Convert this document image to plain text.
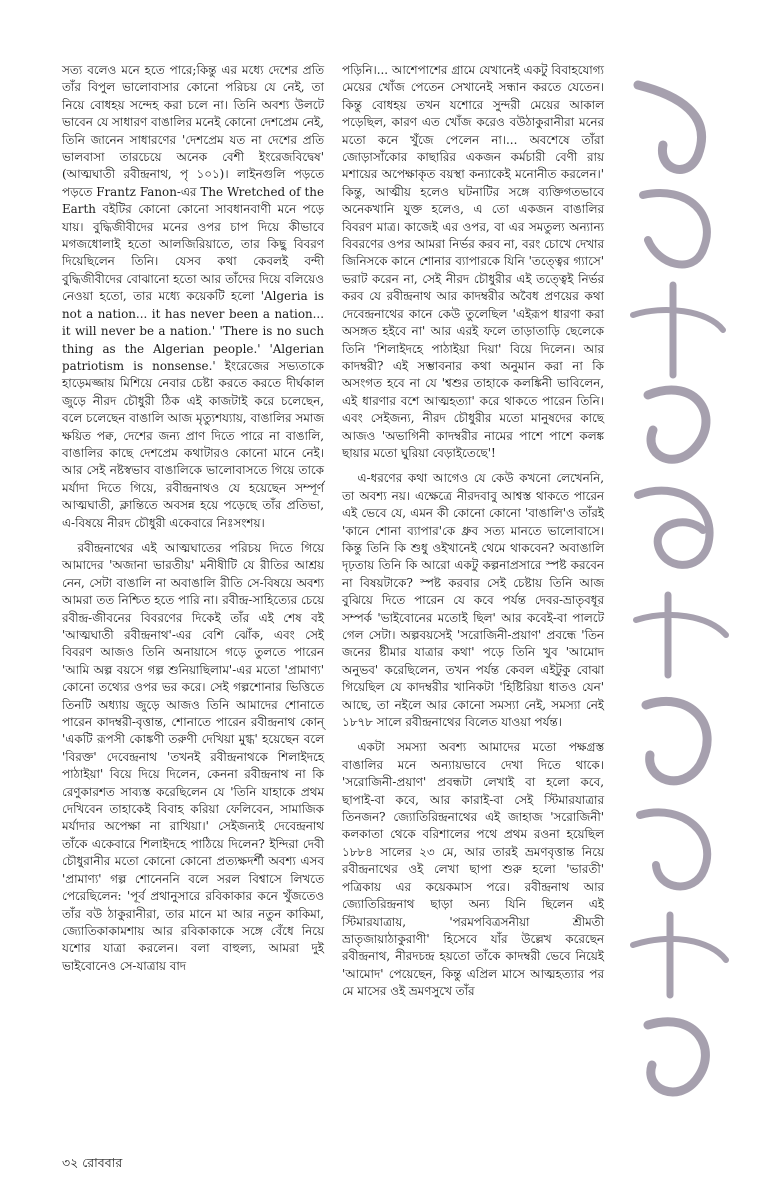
সত্য বলেও মনে হতে পারে;কিন্তু এর মধ্যে দেশের প্রতি তাঁর বিপুল ভালোবাসার কোনো পরিচয় যে নেই, তা নিয়ে বোধহয় সন্দেহ করা চলে না। তিনি অবশ্য উলটে ভাবেন যে সাধারণ বাঙালির মনেই কোনো দেশপ্রেম নেই, তিনি জানেন সাধারণের 'দেশপ্রেম যত না দেশের প্রতি ভালবাসা তারচেয়ে অনেক বেশী ইংরেজবিদ্বেষ' (আত্মঘাতী রবীন্দ্রনাথ, পৃ ১০১)। লাইনগুলি পড়তে পড়তে Frantz Fanon-এর The Wretched of the Earth বইটির কোনো কোনো সাবধানবাণী মনে পড়ে যায়। বুদ্ধিজীবীদের মনের ওপর চাপ দিয়ে কীভাবে মগজধোলাই হতো আলজিরিয়াতে, তার কিছু বিবরণ দিয়েছিলেন তিনি। যেসব কথা কেবলই বন্দী বুদ্ধিজীবীদের বোঝানো হতো আর তাঁদের দিয়ে বলিয়েও নেওয়া হতো, তার মধ্যে কয়েকটি হলো 'Algeria is not a nation... it has never been a nation... it will never be a nation.' 'There is no such thing as the Algerian people.' 'Algerian patriotism is nonsense.' ইংরেজের সভ্যতাকে হাড়েমজ্জায় মিশিয়ে নেবার চেষ্টা করতে করতে দীর্ঘকাল জুড়ে নীরদ চৌধুরী ঠিক এই কাজটাই করে চলেছেন, বলে চলেছেন বাঙালি আজ মৃত্যুশয্যায়, বাঙালির সমাজ ক্ষয়িত পক্ব, দেশের জন্য প্রাণ দিতে পারে না বাঙালি, বাঙালির কাছে দেশপ্রেম কথাটারও কোনো মানে নেই। আর সেই নষ্টস্বভাব বাঙালিকে ভালোবাসতে গিয়ে তাকে মর্যাদা দিতে গিয়ে, রবীন্দ্রনাথও যে হয়েছেন সম্পূর্ণ আত্মঘাতী, ক্লান্তিতে অবসন্ন হয়ে পড়েছে তাঁর প্রতিভা, এ-বিষয়ে নীরদ চৌধুরী একেবারে নিঃসংশয়।

রবীন্দ্রনাথের এই আত্মঘাতের পরিচয় দিতে গিয়ে আমাদের 'অজানা ভারতীয়' মনীষীটি যে রীতির আশ্রয় নেন, সেটা বাঙালি না অবাঙালি রীতি সে-বিষয়ে অবশ্য আমরা তত নিশ্চিত হতে পারি না। রবীন্দ্র-সাহিত্যের চেয়ে রবীন্দ্র-জীবনের বিবরণের দিকেই তাঁর এই শেষ বই 'আত্মঘাতী রবীন্দ্রনাথ'-এর বেশি ঝোঁক, এবং সেই বিবরণ আজও তিনি অনায়াসে গড়ে তুলতে পারেন 'আমি অল্প বয়সে গল্প শুনিয়াছিলাম'-এর মতো 'প্রামাণ্য' কোনো তথ্যের ওপর ভর করে। সেই গল্পশোনার ভিত্তিতে তিনটি অধ্যায় জুড়ে আজও তিনি আমাদের শোনাতে পারেন কাদম্বরী-বৃত্তান্ত, শোনাতে পারেন রবীন্দ্রনাথ কোন্ 'একটি রূপসী কোঙ্কণী তরুণী দেখিয়া মুগ্ধ' হয়েছেন বলে 'বিরক্ত' দেবেন্দ্রনাথ 'তখনই রবীন্দ্রনাথকে শিলাইদহে পাঠাইয়া' বিয়ে দিয়ে দিলেন, কেননা রবীন্দ্রনাথ না কি রেণুকারশত সাব্যস্ত করেছিলেন যে 'তিনি যাহাকে প্রথম দেখিবেন তাহাকেই বিবাহ করিয়া ফেলিবেন, সামাজিক মর্যাদার অপেক্ষা না রাখিয়া।' সেইজন্যই দেবেন্দ্রনাথ তাঁকে একেবারে শিলাইদহে পাঠিয়ে দিলেন? ইন্দিরা দেবী চৌধুরানীর মতো কোনো কোনো প্রত্যক্ষদর্শী অবশ্য এসব 'প্রামাণ্য' গল্প শোনেননি বলে সরল বিশ্বাসে লিখতে পেরেছিলেন: 'পূর্ব প্রথানুসারে রবিকাকার কনে খুঁজতেও তাঁর বউ ঠাকুরানীরা, তার মানে মা আর নতুন কাকিমা, জ্যোতিকাকামশায় আর রবিকাকাকে সঙ্গে বেঁধে নিয়ে যশোর যাত্রা করলেন। বলা বাহুল্য, আমরা দুই ভাইবোনেও সে-যাত্রায় বাদ

পড়িনি।... আশেপাশের গ্রামে যেখানেই একটু বিবাহযোগ্য মেয়ের খোঁজ পেতেন সেখানেই সন্ধান করতে যেতেন। কিন্তু বোধহয় তখন যশোরে সুন্দরী মেয়ের আকাল পড়েছিল, কারণ এত খোঁজ করেও বউঠাকুরানীরা মনের মতো কনে খুঁজে পেলেন না।... অবশেষে তাঁরা জোড়াসাঁকোর কাছারির একজন কর্মচারী বেণী রায় মশায়ের অপেক্ষাকৃত বয়স্থা কন্যাকেই মনোনীত করলেন।' কিন্তু, আত্মীয় হলেও ঘটনাটির সঙ্গে ব্যক্তিগতভাবে অনেকখানি যুক্ত হলেও, এ তো একজন বাঙালির বিবরণ মাত্র। কাজেই এর ওপর, বা এর সমতুল্য অন্যান্য বিবরণের ওপর আমরা নির্ভর করব না, বরং চোখে দেখার জিনিসকে কানে শোনার ব্যাপারকে যিনি 'তত্ত্বের গ্যাসে' ভরাট করেন না, সেই নীরদ চৌধুরীর এই তত্ত্বেই নির্ভর করব যে রবীন্দ্রনাথ আর কাদম্বরীর অবৈধ প্রণয়ের কথা দেবেন্দ্রনাথের কানে কেউ তুলেছিল 'এইরূপ ধারণা করা অসঙ্গত হইবে না' আর এরই ফলে তাড়াতাড়ি ছেলেকে তিনি 'শিলাইদহে পাঠাইয়া দিয়া' বিয়ে দিলেন। আর কাদম্বরী? এই সম্ভাবনার কথা অনুমান করা না কি অসংগত হবে না যে 'শ্বশুর তাহাকে কলঙ্কিনী ভাবিলেন, এই ধারণার বশে আত্মহত্যা' করে থাকতে পারেন তিনি। এবং সেইজন্য, নীরদ চৌধুরীর মতো মানুষদের কাছে আজও 'অভাগিনী কাদম্বরীর নামের পাশে পাশে কলঙ্ক ছায়ার মতো ঘুরিয়া বেড়াইতেছে'!

এ-ধরণের কথা আগেও যে কেউ কখনো লেখেননি, তা অবশ্য নয়। এক্ষেত্রে নীরদবাবু আশ্বস্ত থাকতে পারেন এই ভেবে যে, এমন কী কোনো কোনো 'বাঙালি'ও তাঁরই 'কানে শোনা ব্যাপার'কে ধ্রুব সত্য মানতে ভালোবাসে। কিন্তু তিনি কি শুধু ওইখানেই থেমে থাকবেন? অবাঙালি দৃঢ়তায় তিনি কি আরো একটু কল্পনাপ্রসারে স্পষ্ট করবেন না বিষয়টাকে? স্পষ্ট করবার সেই চেষ্টায় তিনি আজ বুঝিয়ে দিতে পারেন যে কবে পর্যন্ত দেবর-ভ্রাতৃবধূর সম্পর্ক 'ভাইবোনের মতোই ছিল' আর কবেই-বা পালটে গেল সেটা। অল্পবয়সেই 'সরোজিনী-প্রয়াণ' প্রবন্ধে 'তিন জনের ষ্টীমার যাত্রার কথা' পড়ে তিনি খুব 'আমোদ অনুভব' করেছিলেন, তখন পর্যন্ত কেবল এইটুকু বোঝা গিয়েছিল যে কাদম্বরীর খানিকটা 'হিষ্টিরিয়া ধাতও যেন' আছে, তা নইলে আর কোনো সমস্যা নেই, সমস্যা নেই ১৮৭৮ সালে রবীন্দ্রনাথের বিলেত যাওয়া পর্যন্ত।

একটা সমস্যা অবশ্য আমাদের মতো পক্ষগ্রস্ত বাঙালির মনে অন্যায়ভাবে দেখা দিতে থাকে। 'সরোজিনী-প্রয়াণ' প্রবন্ধটা লেখাই বা হলো কবে, ছাপাই-বা কবে, আর কারাই-বা সেই স্টিমারযাত্রার তিনজন? জ্যোতিরিন্দ্রনাথের এই জাহাজ 'সরোজিনী' কলকাতা থেকে বরিশালের পথে প্রথম রওনা হয়েছিল ১৮৮৪ সালের ২৩ মে, আর তারই ভ্রমণবৃত্তান্ত নিয়ে রবীন্দ্রনাথের ওই লেখা ছাপা শুরু হলো 'ভারতী' পত্রিকায় এর কয়েকমাস পরে। রবীন্দ্রনাথ আর জ্যোতিরিন্দ্রনাথ ছাড়া অন্য যিনি ছিলেন এই স্টিমারযাত্রায়, 'পরমপবিত্রসনীয়া শ্রীমতী ভ্রাতৃজায়াঠাকুরাণী' হিসেবে যাঁর উল্লেখ করেছেন রবীন্দ্রনাথ, নীরদচন্দ্র হয়তো তাঁকে কাদম্বরী ভেবে নিয়েই 'আমোদ' পেয়েছেন, কিন্তু এপ্রিল মাসে আত্মহত্যার পর মে মাসের ওই ভ্রমণসুখে তাঁর

৩২ রোববার
